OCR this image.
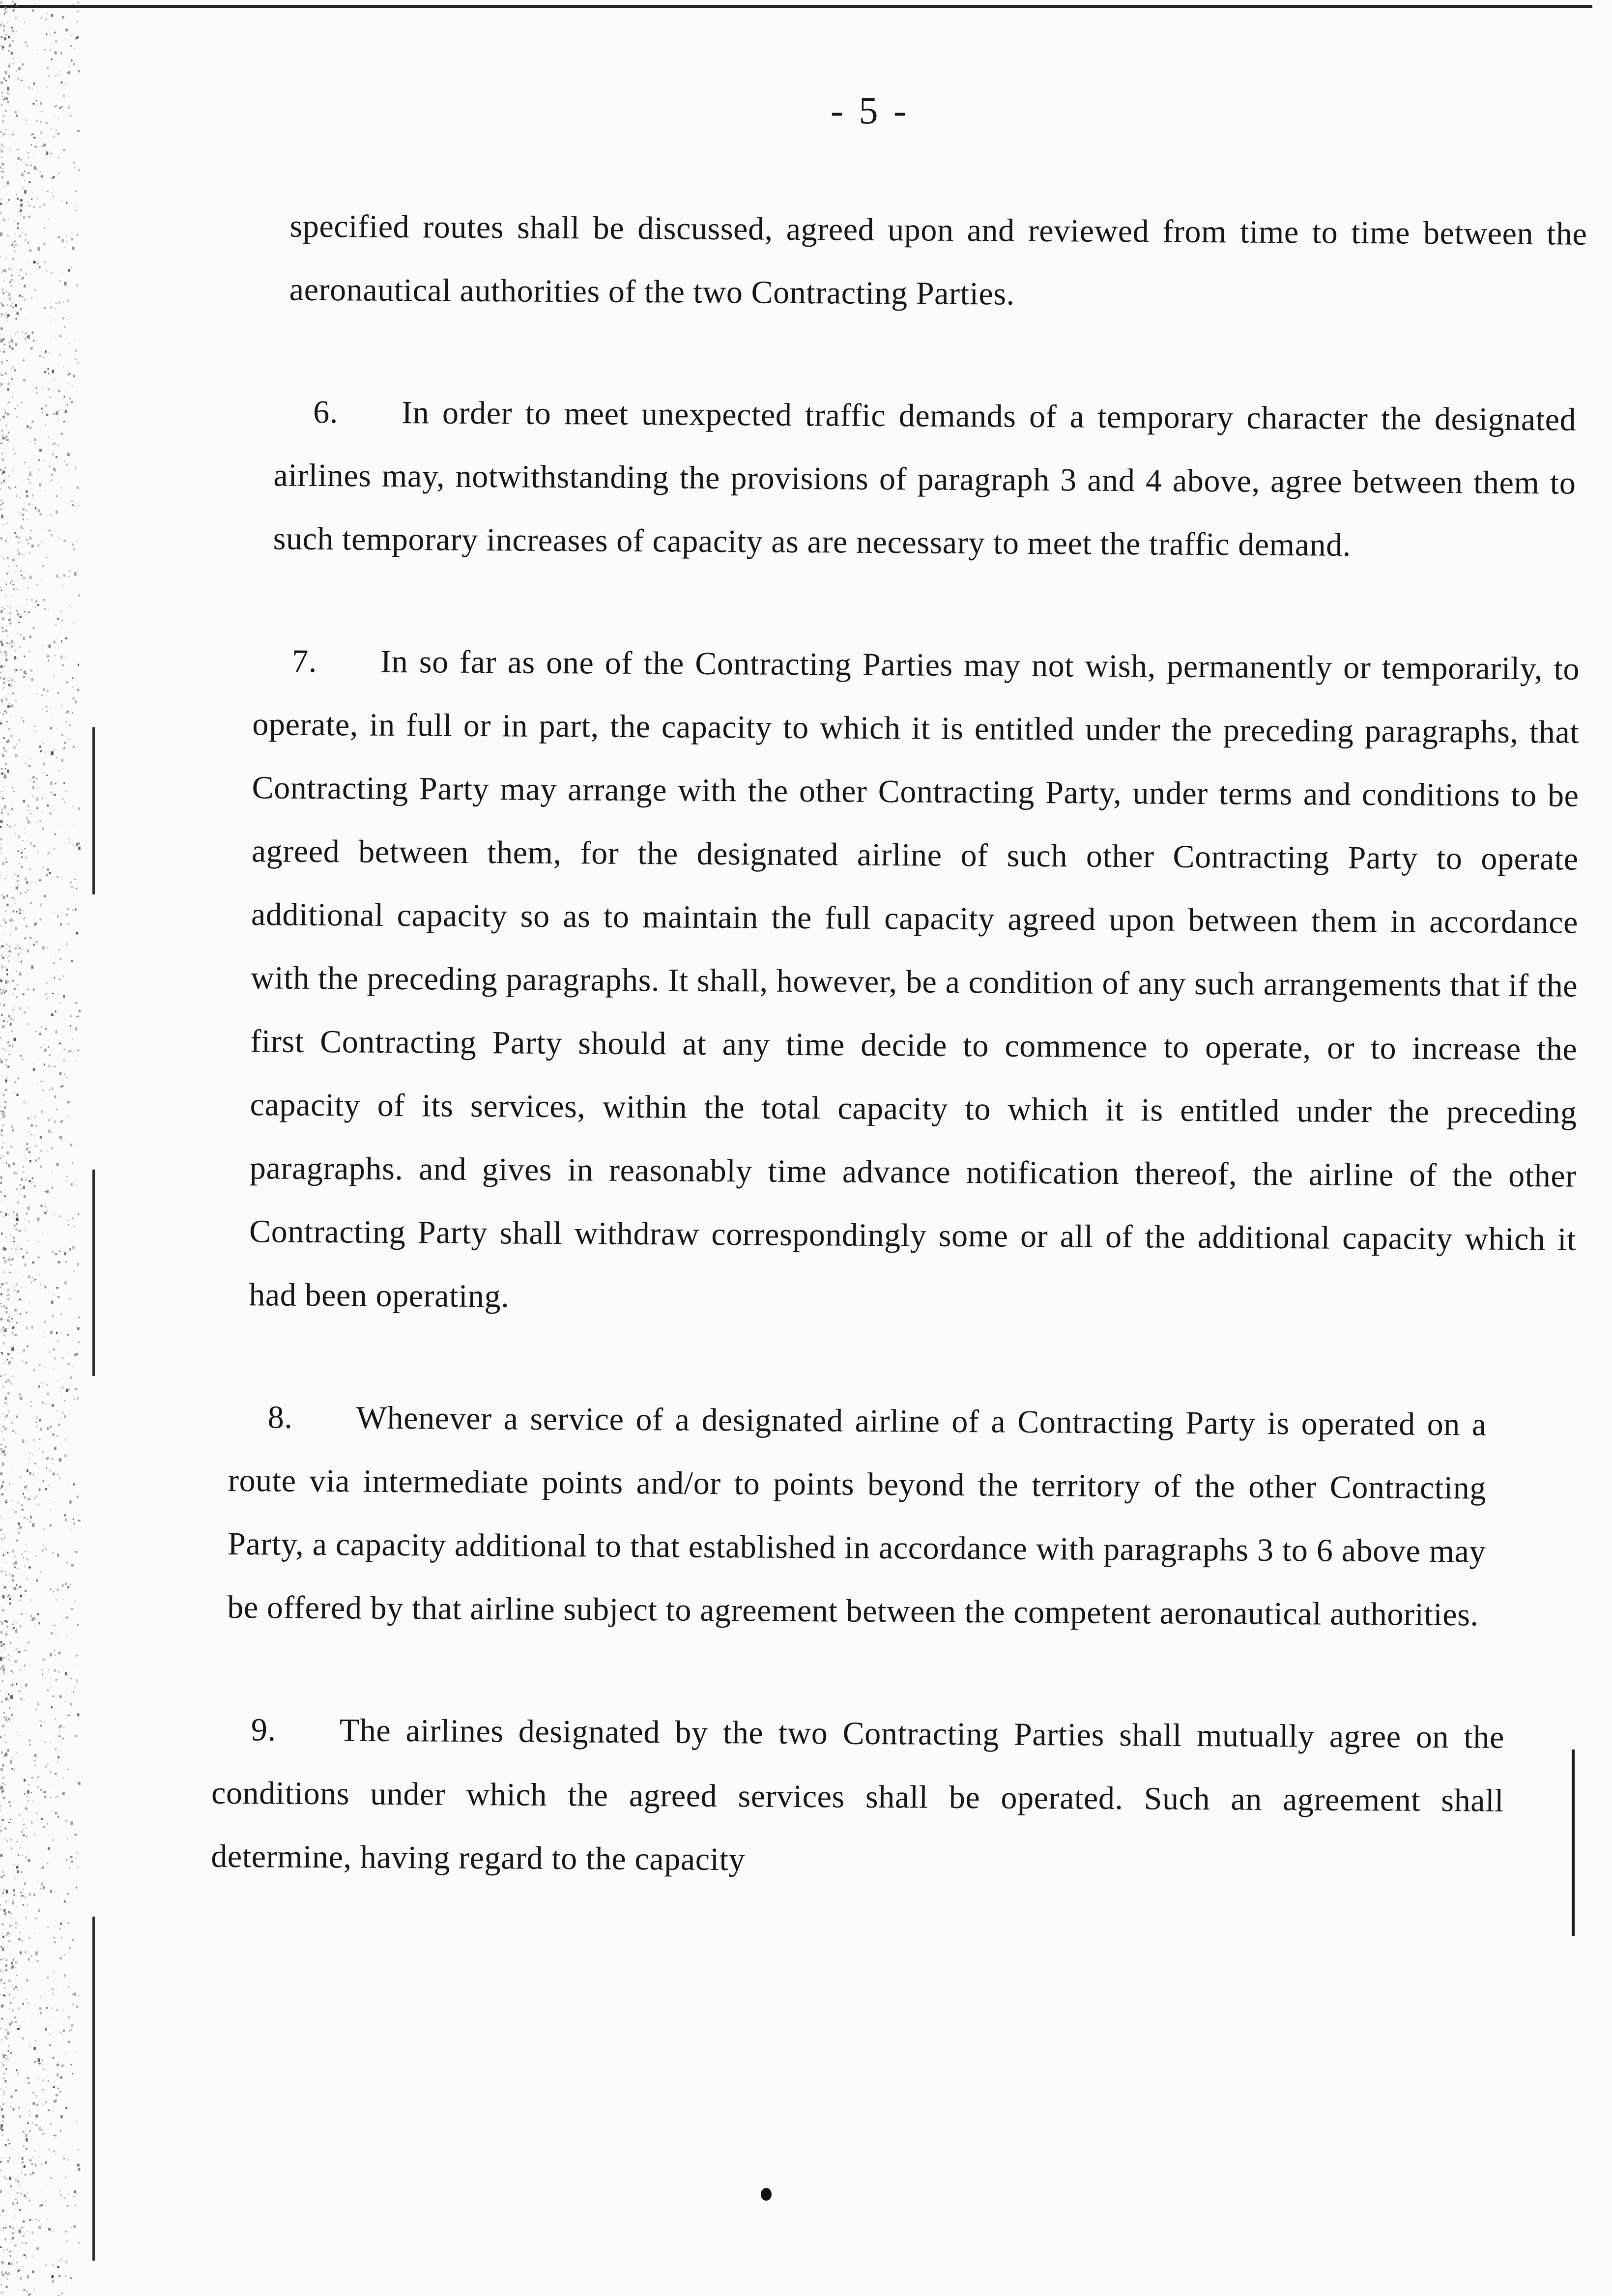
- 5 -

specified routes shall be discussed, agreed upon and reviewed from time to time between the aeronautical authorities of the two Contracting Parties.

6. In order to meet unexpected traffic demands of a temporary character the designated airlines may, notwithstanding the provisions of paragraph 3 and 4 above, agree between them to such temporary increases of capacity as are necessary to meet the traffic demand.

7. In so far as one of the Contracting Parties may not wish, permanently or temporarily, to operate, in full or in part, the capacity to which it is entitled under the preceding paragraphs, that Contracting Party may arrange with the other Contracting Party, under terms and conditions to be agreed between them, for the designated airline of such other Contracting Party to operate additional capacity so as to maintain the full capacity agreed upon between them in accordance with the preceding paragraphs. It shall, however, be a condition of any such arrangements that if the first Contracting Party should at any time decide to commence to operate, or to increase the capacity of its services, within the total capacity to which it is entitled under the preceding paragraphs. and gives in reasonably time advance notification thereof, the airline of the other Contracting Party shall withdraw correspondingly some or all of the additional capacity which it had been operating.

8. Whenever a service of a designated airline of a Contracting Party is operated on a route via intermediate points and/or to points beyond the territory of the other Contracting Party, a capacity additional to that established in accordance with paragraphs 3 to 6 above may be offered by that airline subject to agreement between the competent aeronautical authorities.

9. The airlines designated by the two Contracting Parties shall mutually agree on the conditions under which the agreed services shall be operated. Such an agreement shall determine, having regard to the capacity
